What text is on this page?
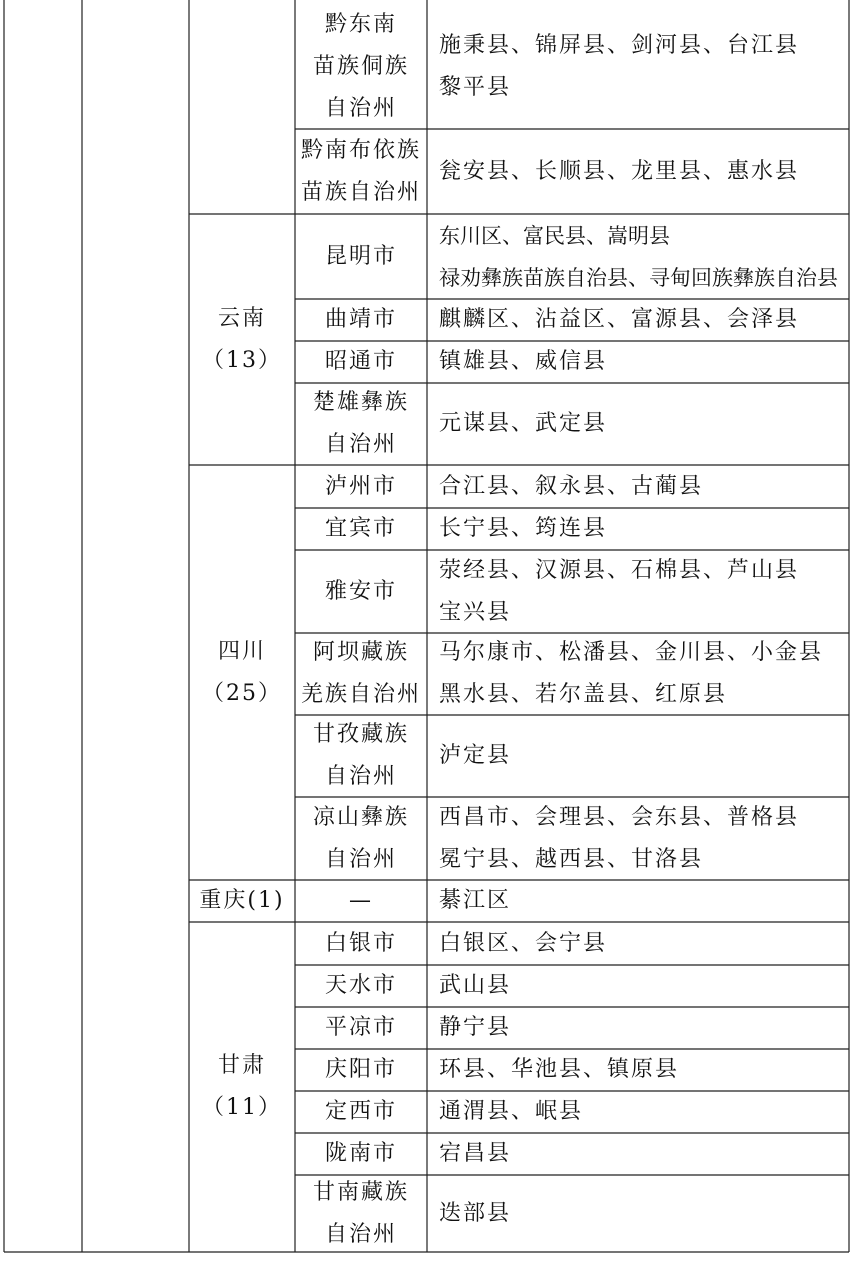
云南
（13）
四川
（25）
重庆(1)
甘肃
（11）
黔东南
苗族侗族
自治州
施秉县、锦屏县、剑河县、台江县
黎平县
黔南布依族
苗族自治州
瓮安县、长顺县、龙里县、惠水县
昆明市
东川区、富民县、嵩明县
禄劝彝族苗族自治县、寻甸回族彝族自治县
曲靖市 麒麟区、沾益区、富源县、会泽县
昭通市 镇雄县、威信县
楚雄彝族
自治州
元谋县、武定县
泸州市 合江县、叙永县、古蔺县
宜宾市 长宁县、筠连县
雅安市
荥经县、汉源县、石棉县、芦山县
宝兴县
阿坝藏族
羌族自治州
马尔康市、松潘县、金川县、小金县
黑水县、若尔盖县、红原县
甘孜藏族
自治州
泸定县
凉山彝族
自治州
西昌市、会理县、会东县、普格县
冕宁县、越西县、甘洛县
—	綦江区
白银市 白银区、会宁县
天水市 武山县
平凉市 静宁县
庆阳市 环县、华池县、镇原县
定西市 通渭县、岷县
陇南市 宕昌县
甘南藏族
自治州
迭部县
